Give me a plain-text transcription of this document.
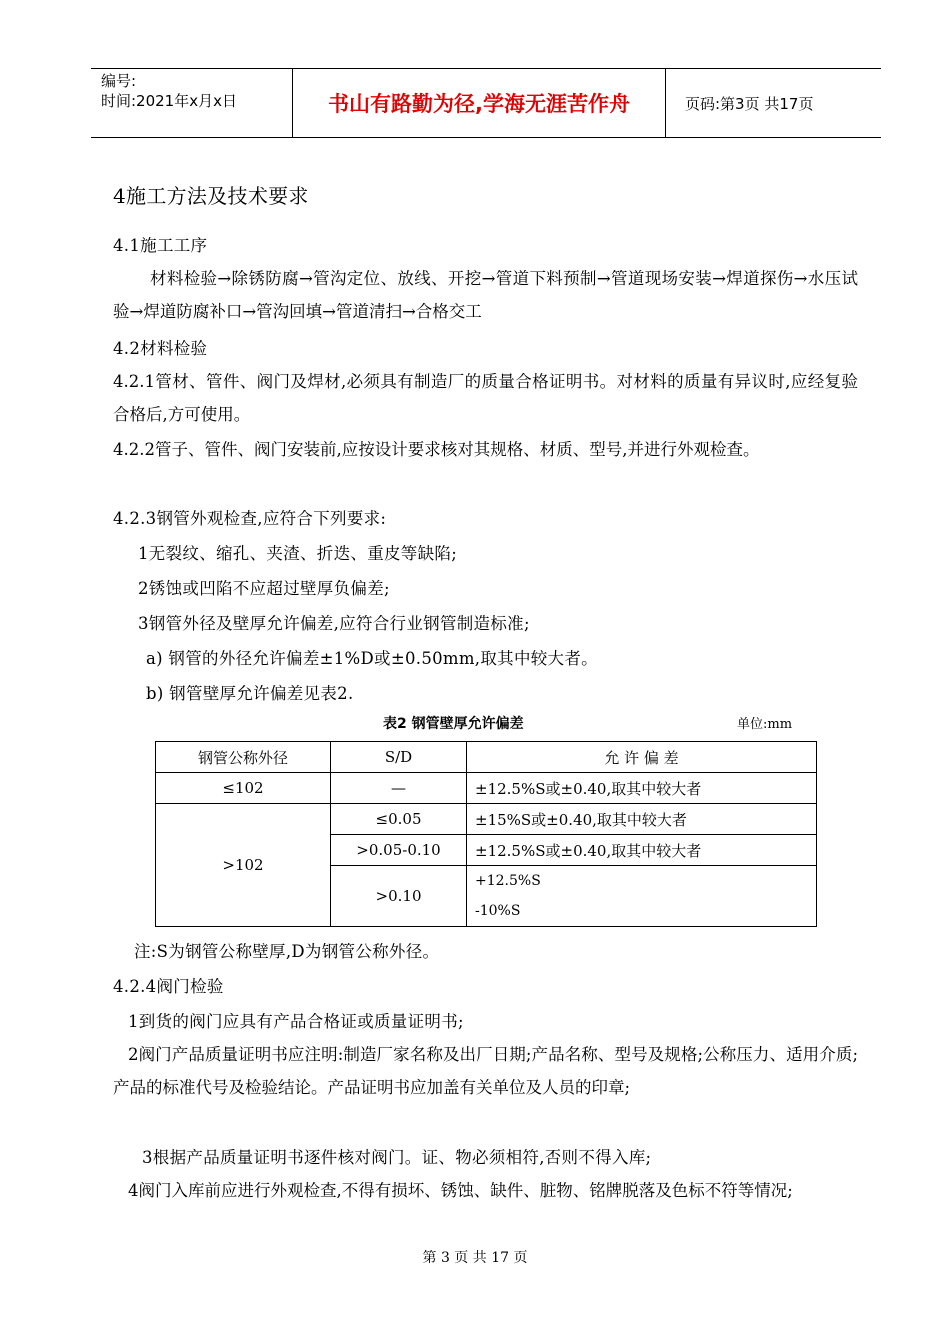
编号:
时间:2021年x月x日	书山有路勤为径,学海无涯苦作舟	页码:第3页 共17页
4施工方法及技术要求
4.1施工工序
材料检验→除锈防腐→管沟定位、放线、开挖→管道下料预制→管道现场安装→焊道探伤→水压试验→焊道防腐补口→管沟回填→管道清扫→合格交工
4.2材料检验
4.2.1管材、管件、阀门及焊材,必须具有制造厂的质量合格证明书。对材料的质量有异议时,应经复验合格后,方可使用。
4.2.2管子、管件、阀门安装前,应按设计要求核对其规格、材质、型号,并进行外观检查。
4.2.3钢管外观检查,应符合下列要求:
1无裂纹、缩孔、夹渣、折迭、重皮等缺陷;
2锈蚀或凹陷不应超过壁厚负偏差;
3钢管外径及壁厚允许偏差,应符合行业钢管制造标准;
a) 钢管的外径允许偏差±1%D或±0.50mm,取其中较大者。
b) 钢管壁厚允许偏差见表2.
表2 钢管壁厚允许偏差	单位:mm
钢管公称外径	S/D	允 许 偏 差
≤102	—	±12.5%S或±0.40,取其中较大者
>102	≤0.05	±15%S或±0.40,取其中较大者
	>0.05-0.10	±12.5%S或±0.40,取其中较大者
	>0.10	+12.5%S
-10%S
注:S为钢管公称壁厚,D为钢管公称外径。
4.2.4阀门检验
1到货的阀门应具有产品合格证或质量证明书;
2阀门产品质量证明书应注明:制造厂家名称及出厂日期;产品名称、型号及规格;公称压力、适用介质;产品的标准代号及检验结论。产品证明书应加盖有关单位及人员的印章;
3根据产品质量证明书逐件核对阀门。证、物必须相符,否则不得入库;
4阀门入库前应进行外观检查,不得有损坏、锈蚀、缺件、脏物、铭牌脱落及色标不符等情况;
第 3 页 共 17 页
